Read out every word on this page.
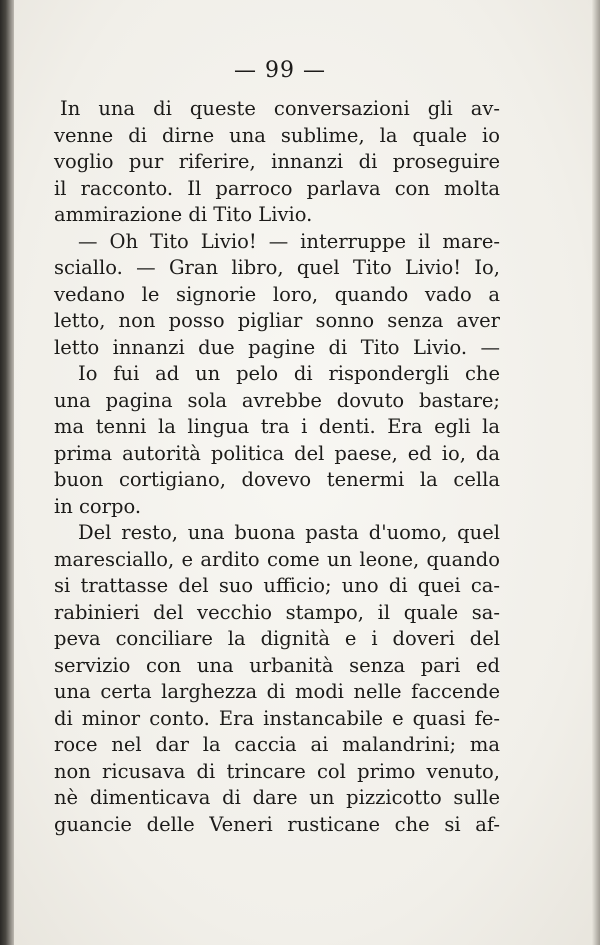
— 99 —
In una di queste conversazioni gli av-
venne di dirne una sublime, la quale io
voglio pur riferire, innanzi di proseguire
il racconto. Il parroco parlava con molta
ammirazione di Tito Livio.
— Oh Tito Livio! — interruppe il mare-
sciallo. — Gran libro, quel Tito Livio! Io,
vedano le signorie loro, quando vado a
letto, non posso pigliar sonno senza aver
letto innanzi due pagine di Tito Livio. —
Io fui ad un pelo di rispondergli che
una pagina sola avrebbe dovuto bastare;
ma tenni la lingua tra i denti. Era egli la
prima autorità politica del paese, ed io, da
buon cortigiano, dovevo tenermi la cella
in corpo.
Del resto, una buona pasta d'uomo, quel
maresciallo, e ardito come un leone, quando
si trattasse del suo ufficio; uno di quei ca-
rabinieri del vecchio stampo, il quale sa-
peva conciliare la dignità e i doveri del
servizio con una urbanità senza pari ed
una certa larghezza di modi nelle faccende
di minor conto. Era instancabile e quasi fe-
roce nel dar la caccia ai malandrini; ma
non ricusava di trincare col primo venuto,
nè dimenticava di dare un pizzicotto sulle
guancie delle Veneri rusticane che si af-
